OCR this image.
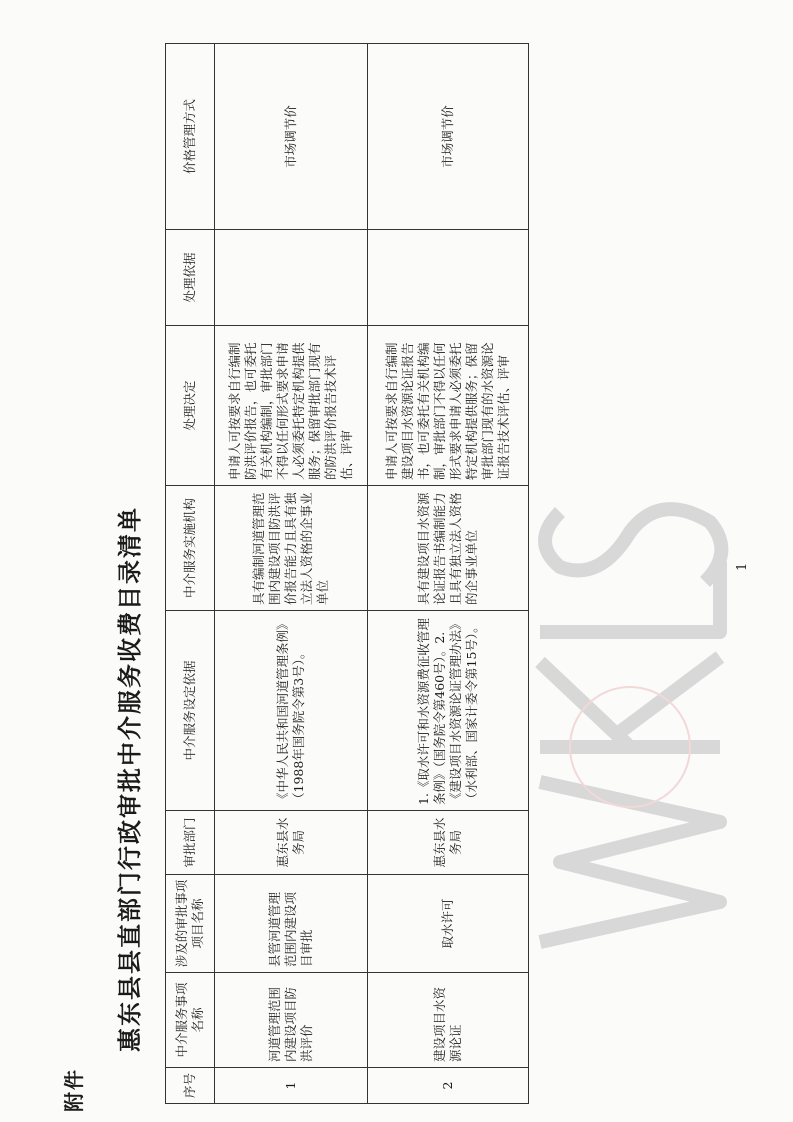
附件
惠东县县直部门行政审批中介服务收费目录清单
序号	中介服务事项名称	涉及的审批事项项目名称	审批部门	中介服务设定依据	中介服务实施机构	处理决定	处理依据	价格管理方式
1	河道管理范围内建设项目防洪评价	县管河道管理范围内建设项目审批	惠东县水务局	《中华人民共和国河道管理条例》（1988年国务院令第3号）。	具有编制河道管理范围内建设项目防洪评价报告能力且具有独立法人资格的企事业单位	申请人可按要求自行编制防洪评价报告，也可委托有关机构编制，审批部门不得以任何形式要求申请人必须委托特定机构提供服务；保留审批部门现有的防洪评价报告技术评估、评审		市场调节价
2	建设项目水资源论证	取水许可	惠东县水务局	1.《取水许可和水资源费征收管理条例》（国务院令第460号）。2.《建设项目水资源论证管理办法》（水利部、国家计委令第15号）。	具有建设项目水资源论证报告书编制能力且具有独立法人资格的企事业单位	申请人可按要求自行编制建设项目水资源论证报告书，也可委托有关机构编制，审批部门不得以任何形式要求申请人必须委托特定机构提供服务；保留审批部门现有的水资源论证报告技术评估、评审		市场调节价
1
